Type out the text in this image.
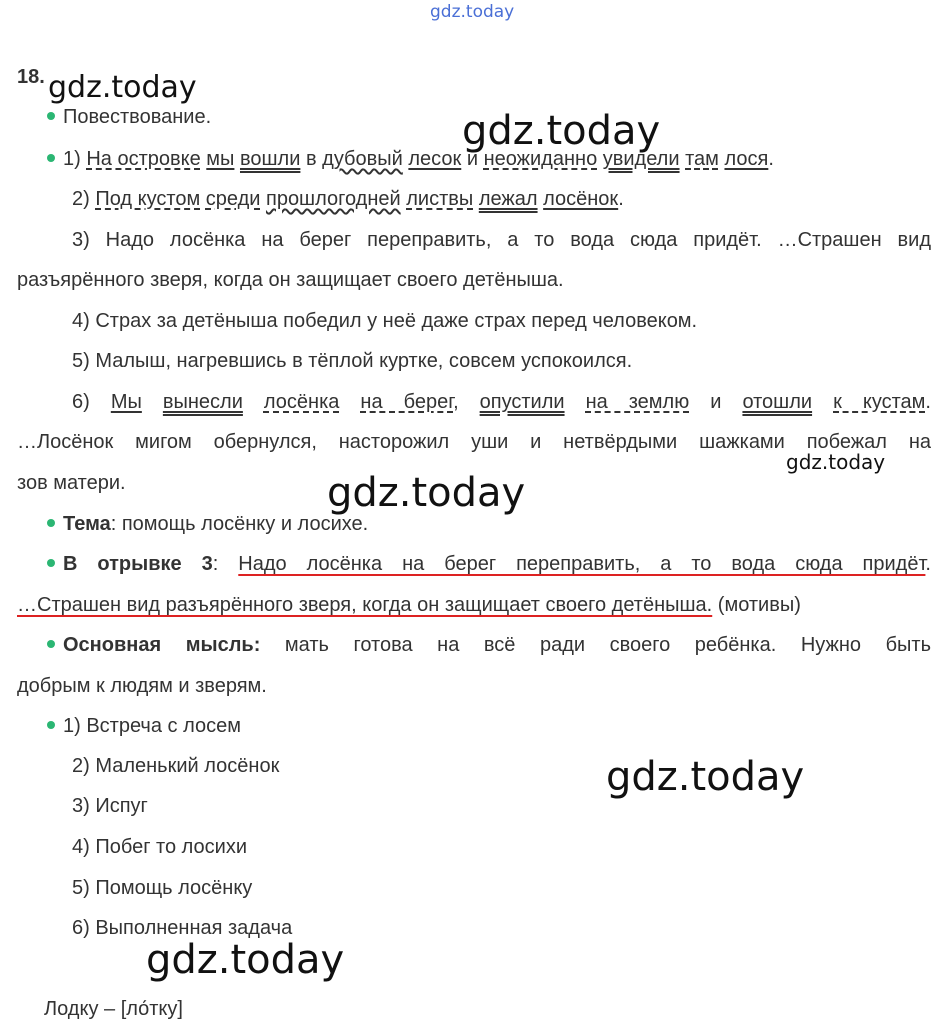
gdz.today
18. gdz.today
Повествование.	gdz.today
1) На островке мы вошли в дубовый лесок и неожиданно увидели там лося.
2) Под кустом среди прошлогодней листвы лежал лосёнок.
3) Надо лосёнка на берег переправить, а то вода сюда придёт. …Страшен вид
разъярённого зверя, когда он защищает своего детёныша.
4) Страх за детёныша победил у неё даже страх перед человеком.
5) Малыш, нагревшись в тёплой куртке, совсем успокоился.
6) Мы вынесли лосёнка на берег, опустили на землю и отошли к кустам.
…Лосёнок мигом обернулся, насторожил уши и нетвёрдыми шажками побежал на
gdz.today
зов матери.	gdz.today
Тема: помощь лосёнку и лосихе.
В отрывке 3: Надо лосёнка на берег переправить, а то вода сюда придёт.
…Страшен вид разъярённого зверя, когда он защищает своего детёныша. (мотивы)
Основная мысль: мать готова на всё ради своего ребёнка. Нужно быть
добрым к людям и зверям.
1) Встреча с лосем
2) Маленький лосёнок	gdz.today
3) Испуг
4) Побег то лосихи
5) Помощь лосёнку
6) Выполненная задача
gdz.today
Лодку – [ло́тку]
